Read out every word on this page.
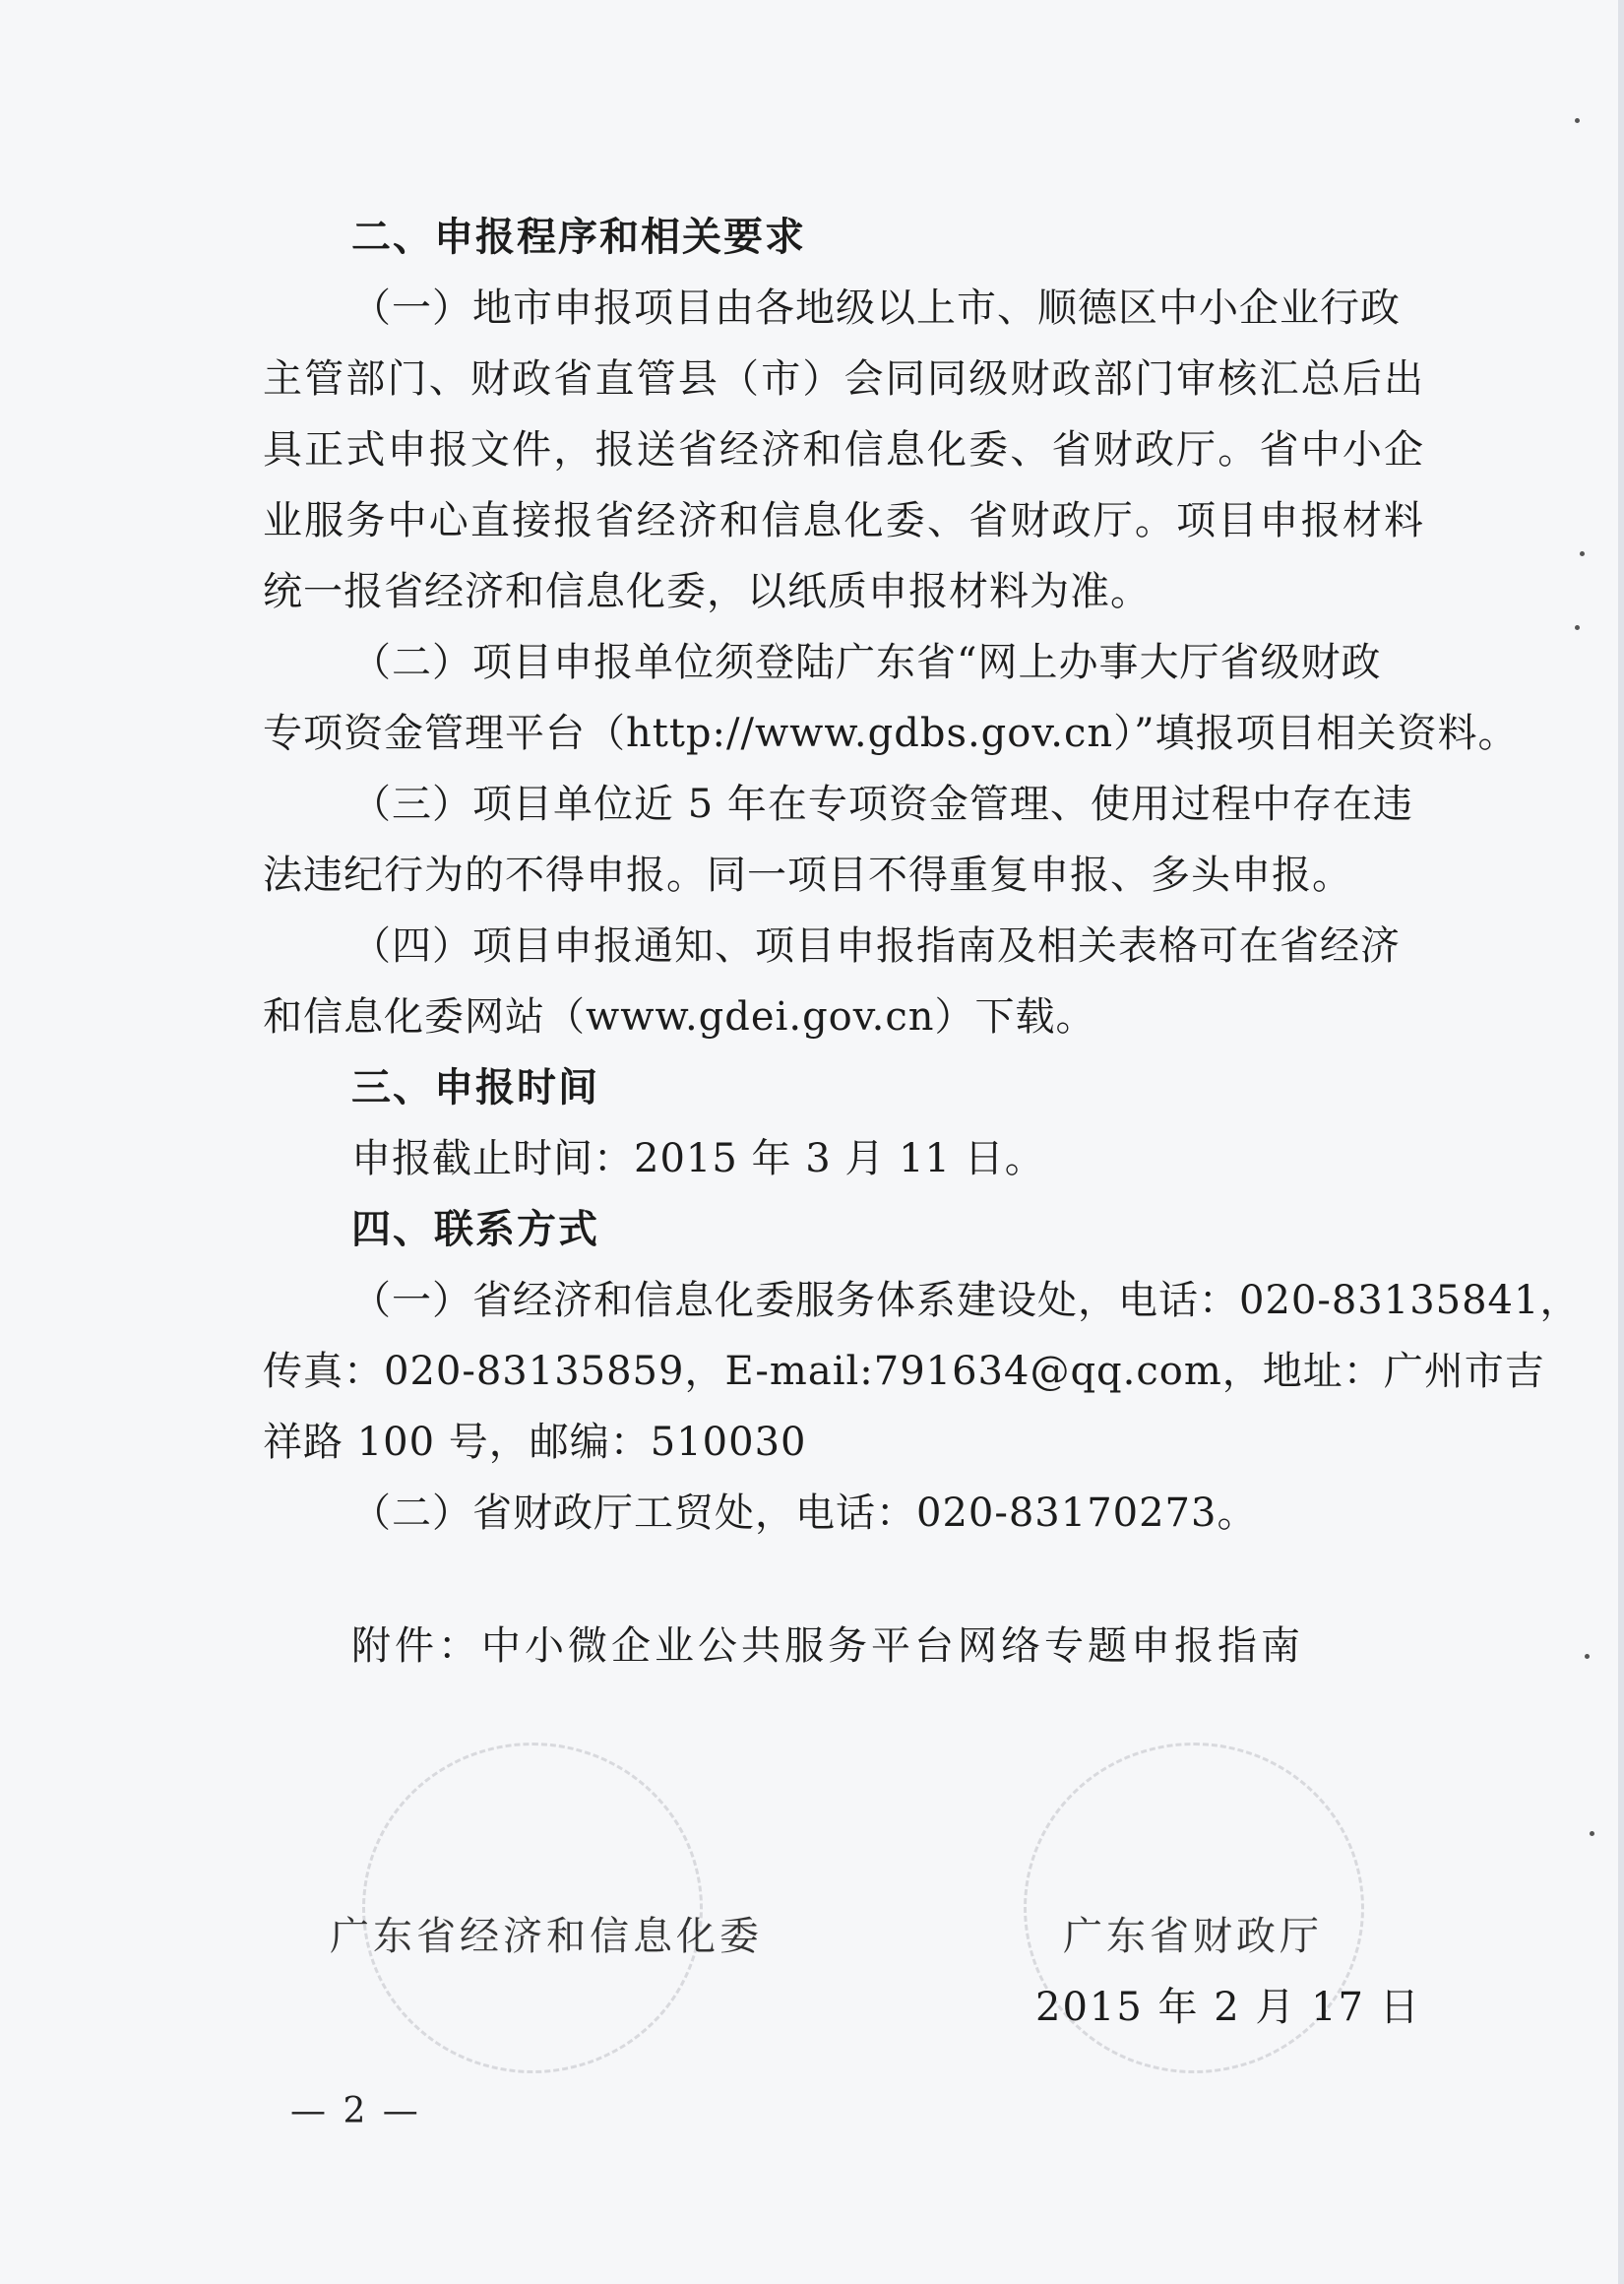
二、申报程序和相关要求
（一）地市申报项目由各地级以上市、顺德区中小企业行政
主管部门、财政省直管县（市）会同同级财政部门审核汇总后出
具正式申报文件，报送省经济和信息化委、省财政厅。省中小企
业服务中心直接报省经济和信息化委、省财政厅。项目申报材料
统一报省经济和信息化委，以纸质申报材料为准。
（二）项目申报单位须登陆广东省“网上办事大厅省级财政
专项资金管理平台（http://www.gdbs.gov.cn）”填报项目相关资料。
（三）项目单位近 5 年在专项资金管理、使用过程中存在违
法违纪行为的不得申报。同一项目不得重复申报、多头申报。
（四）项目申报通知、项目申报指南及相关表格可在省经济
和信息化委网站（www.gdei.gov.cn）下载。
三、申报时间
申报截止时间：2015 年 3 月 11 日。
四、联系方式
（一）省经济和信息化委服务体系建设处，电话：020-83135841，
传真：020-83135859，E-mail:791634@qq.com，地址：广州市吉
祥路 100 号，邮编：510030
（二）省财政厅工贸处，电话：020-83170273。
附件：中小微企业公共服务平台网络专题申报指南
广东省经济和信息化委	广东省财政厅
2015 年 2 月 17 日
— 2 —
